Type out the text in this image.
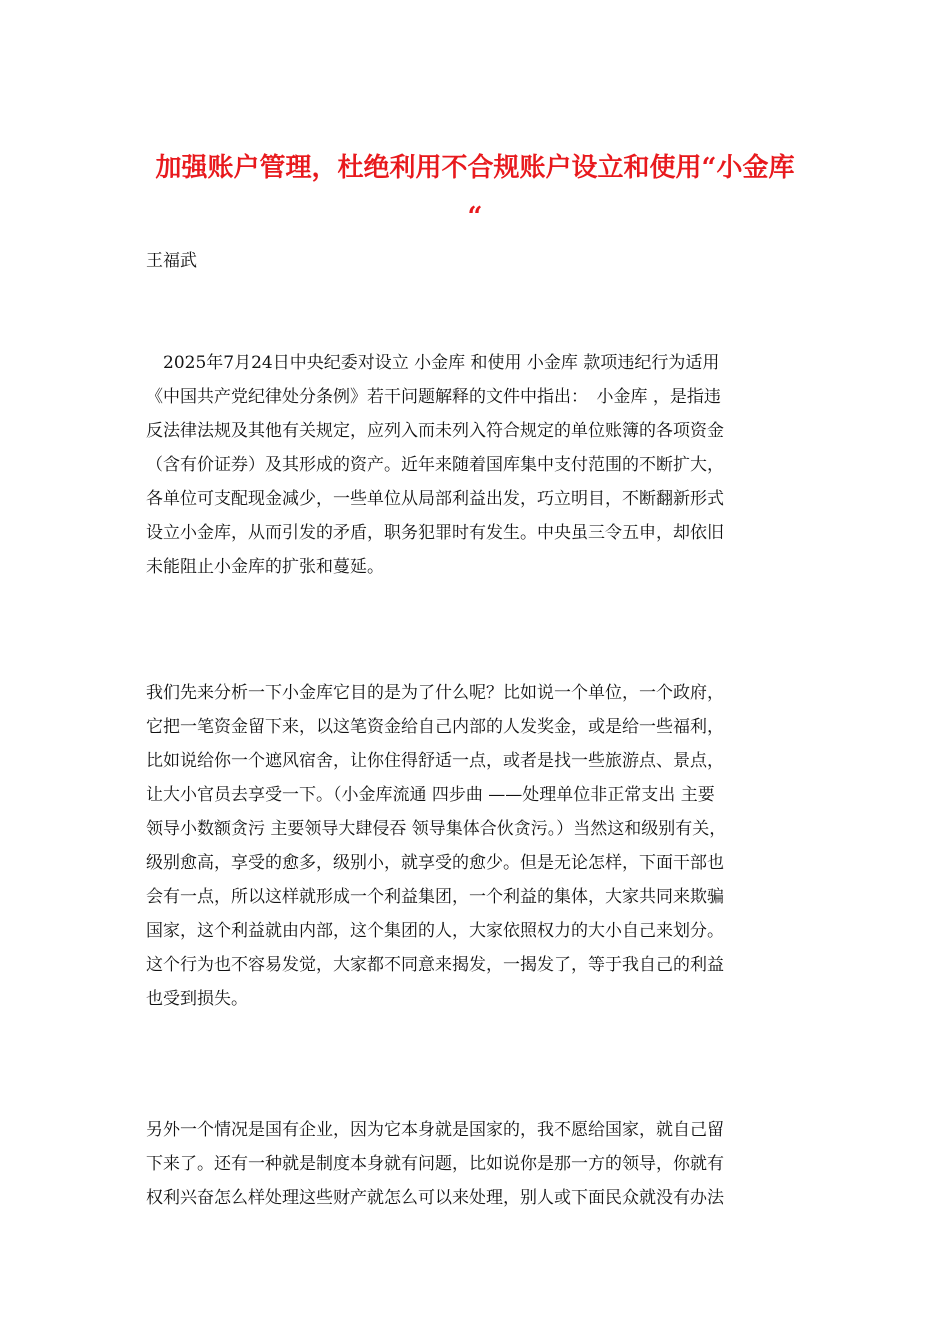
加强账户管理，杜绝利用不合规账户设立和使用“小金库
“
王福武
　2025年7月24日中央纪委对设立 小金库 和使用 小金库 款项违纪行为适用
《中国共产党纪律处分条例》若干问题解释的文件中指出：　小金库 ，是指违
反法律法规及其他有关规定，应列入而未列入符合规定的单位账簿的各项资金
（含有价证券）及其形成的资产。近年来随着国库集中支付范围的不断扩大，
各单位可支配现金减少，一些单位从局部利益出发，巧立明目，不断翻新形式
设立小金库，从而引发的矛盾，职务犯罪时有发生。中央虽三令五申，却依旧
未能阻止小金库的扩张和蔓延。
我们先来分析一下小金库它目的是为了什么呢？比如说一个单位，一个政府，
它把一笔资金留下来，以这笔资金给自己内部的人发奖金，或是给一些福利，
比如说给你一个遮风宿舍，让你住得舒适一点，或者是找一些旅游点、景点，
让大小官员去享受一下。（小金库流通 四步曲 ——处理单位非正常支出 主要
领导小数额贪污 主要领导大肆侵吞 领导集体合伙贪污。）当然这和级别有关，
级别愈高，享受的愈多，级别小，就享受的愈少。但是无论怎样，下面干部也
会有一点，所以这样就形成一个利益集团，一个利益的集体，大家共同来欺骗
国家，这个利益就由内部，这个集团的人，大家依照权力的大小自己来划分。
这个行为也不容易发觉，大家都不同意来揭发，一揭发了，等于我自己的利益
也受到损失。
另外一个情况是国有企业，因为它本身就是国家的，我不愿给国家，就自己留
下来了。还有一种就是制度本身就有问题，比如说你是那一方的领导，你就有
权利兴奋怎么样处理这些财产就怎么可以来处理，别人或下面民众就没有办法
